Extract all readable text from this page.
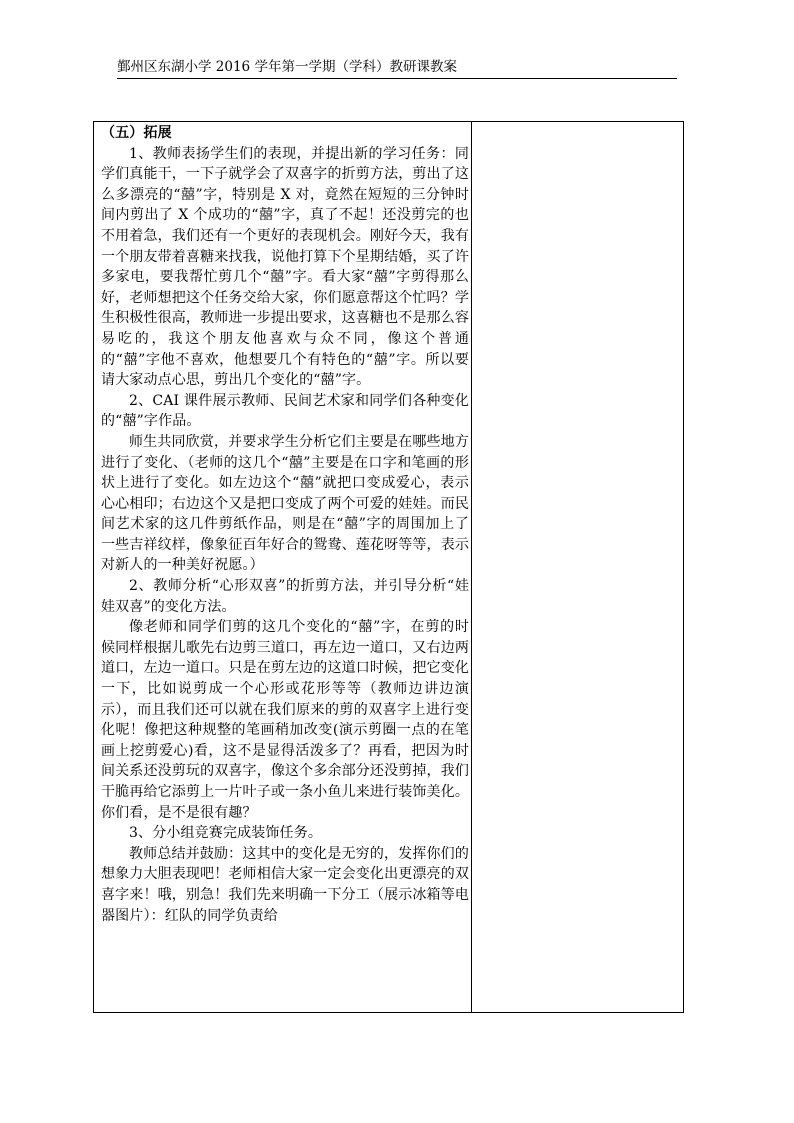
鄞州区东湖小学 2016 学年第一学期（学科）教研课教案
（五）拓展

1、教师表扬学生们的表现，并提出新的学习任务：同学们真能干，一下子就学会了双喜字的折剪方法，剪出了这么多漂亮的“囍”字，特别是 X 对，竟然在短短的三分钟时间内剪出了 X 个成功的“囍”字，真了不起！还没剪完的也不用着急，我们还有一个更好的表现机会。刚好今天，我有一个朋友带着喜糖来找我，说他打算下个星期结婚，买了许多家电，要我帮忙剪几个“囍”字。看大家“囍”字剪得那么好，老师想把这个任务交给大家，你们愿意帮这个忙吗？学生积极性很高，教师进一步提出要求，这喜糖也不是那么容易吃的，我这个朋友他喜欢与众不同，像这个普通的“囍”字他不喜欢，他想要几个有特色的“囍”字。所以要请大家动点心思，剪出几个变化的“囍”字。

2、CAI 课件展示教师、民间艺术家和同学们各种变化的“囍”字作品。

师生共同欣赏，并要求学生分析它们主要是在哪些地方进行了变化、（老师的这几个“囍”主要是在口字和笔画的形状上进行了变化。如左边这个“囍”就把口变成爱心，表示心心相印；右边这个又是把口变成了两个可爱的娃娃。而民间艺术家的这几件剪纸作品，则是在“囍”字的周围加上了一些吉祥纹样，像象征百年好合的鸳鸯、莲花呀等等，表示对新人的一种美好祝愿。）

2、教师分析“心形双喜”的折剪方法，并引导分析“娃娃双喜”的变化方法。

像老师和同学们剪的这几个变化的“囍”字，在剪的时候同样根据儿歌先右边剪三道口，再左边一道口，又右边两道口，左边一道口。只是在剪左边的这道口时候，把它变化一下，比如说剪成一个心形或花形等等（教师边讲边演示），而且我们还可以就在我们原来的剪的双喜字上进行变化呢！像把这种规整的笔画稍加改变(演示剪圈一点的在笔画上挖剪爱心)看，这不是显得活泼多了？再看，把因为时间关系还没剪玩的双喜字，像这个多余部分还没剪掉，我们干脆再给它添剪上一片叶子或一条小鱼儿来进行装饰美化。你们看，是不是很有趣？

3、分小组竞赛完成装饰任务。

教师总结并鼓励：这其中的变化是无穷的，发挥你们的想象力大胆表现吧！老师相信大家一定会变化出更漂亮的双喜字来！哦，别急！我们先来明确一下分工（展示冰箱等电器图片）：红队的同学负责给
